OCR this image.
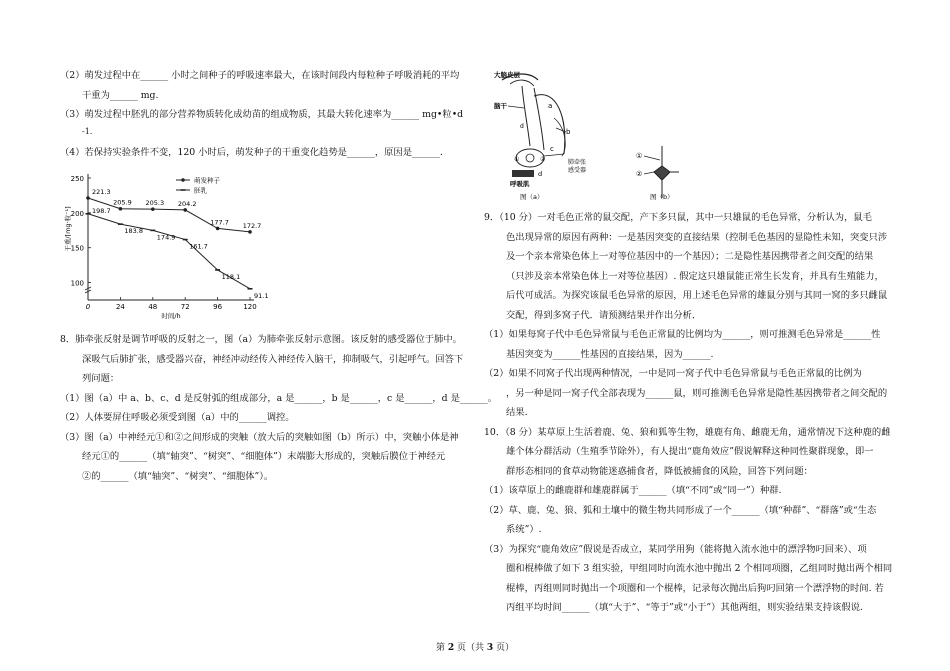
（2）萌发过程中在______ 小时之间种子的呼吸速率最大，在该时间段内每粒种子呼吸消耗的平均

干重为______ mg.

（3）萌发过程中胚乳的部分营养物质转化成幼苗的组成物质，其最大转化速率为______ mg•粒•d

-1.

（4）若保持实验条件不变，120 小时后，萌发种子的干重变化趋势是______，原因是______.

100
150
200
250
0	24	48	72	96	120
时间/h
干重/[mg·粒⁻¹]
221.3
205.9 205.3 204.2
177.7 172.7
198.7
183.8
174.9
161.7
118.1
91.1
萌发种子
胚乳

8．肺牵张反射是调节呼吸的反射之一，图（a）为肺牵张反射示意图。该反射的感受器位于肺中。

深吸气后肺扩张，感受器兴奋，神经冲动经传入神经传入脑干，抑制吸气，引起呼气。回答下

列问题：

（1）图（a）中 a、b、c、d 是反射弧的组成部分，a 是______，b 是______，c 是______，d 是______。

（2）人体要屏住呼吸必须受到图（a）中的______调控。

（3）图（a）中神经元①和②之间形成的突触（放大后的突触如图（b）所示）中，突触小体是神

经元①的______（填“轴突”、“树突”、“细胞体”）末端膨大形成的，突触后膜位于神经元

②的______（填“轴突”、“树突”、“细胞体”）。

大脑皮层
脑干
d
a
b
①	②
c
d
呼吸肌
肺牵张
感受器
图（a）
①
②
图（b）

9．（10 分）一对毛色正常的鼠交配，产下多只鼠，其中一只雄鼠的毛色异常，分析认为，鼠毛

色出现异常的原因有两种：一是基因突变的直接结果（控制毛色基因的显隐性未知，突变只涉

及一个亲本常染色体上一对等位基因中的一个基因）；二是隐性基因携带者之间交配的结果

（只涉及亲本常染色体上一对等位基因）. 假定这只雄鼠能正常生长发育，并具有生殖能力，

后代可成活。为探究该鼠毛色异常的原因，用上述毛色异常的雄鼠分别与其同一窝的多只雌鼠

交配，得到多窝子代．请预测结果并作出分析．

（1）如果每窝子代中毛色异常鼠与毛色正常鼠的比例均为______，则可推测毛色异常是______性

基因突变为______性基因的直接结果，因为______.

（2）如果不同窝子代出现两种情况，一中是同一窝子代中毛色异常鼠与毛色正常鼠的比例为

，另一种是同一窝子代全部表现为______鼠，则可推测毛色异常是隐性基因携带者之间交配的

结果.

10．（8 分）某草原上生活着鹿、兔、狼和狐等生物，雄鹿有角、雌鹿无角，通常情况下这种鹿的雌

雄个体分群活动（生殖季节除外），有人提出“鹿角效应”假说解释这种同性聚群现象，即一

群形态相同的食草动物能迷惑捕食者，降低被捕食的风险，回答下列问题：

（1）该草原上的雌鹿群和雄鹿群属于______（填“不同”或“同一”）种群.

（2）草、鹿、兔、狼、狐和土壤中的微生物共同形成了一个______（填“种群”、“群落”或“生态

系统”）.

（3）为探究“鹿角效应”假说是否成立，某同学用狗（能将抛入流水池中的漂浮物叼回来）、项

圈和棍棒做了如下 3 组实验，甲组同时向流水池中抛出 2 个相同项圈，乙组同时抛出两个相同

棍棒，丙组则同时抛出一个项圈和一个棍棒，记录每次抛出后狗叼回第一个漂浮物的时间. 若

丙组平均时间______（填“大于”、“等于”或“小于”）其他两组，则实验结果支持该假说.

第 2 页（共 3 页）
